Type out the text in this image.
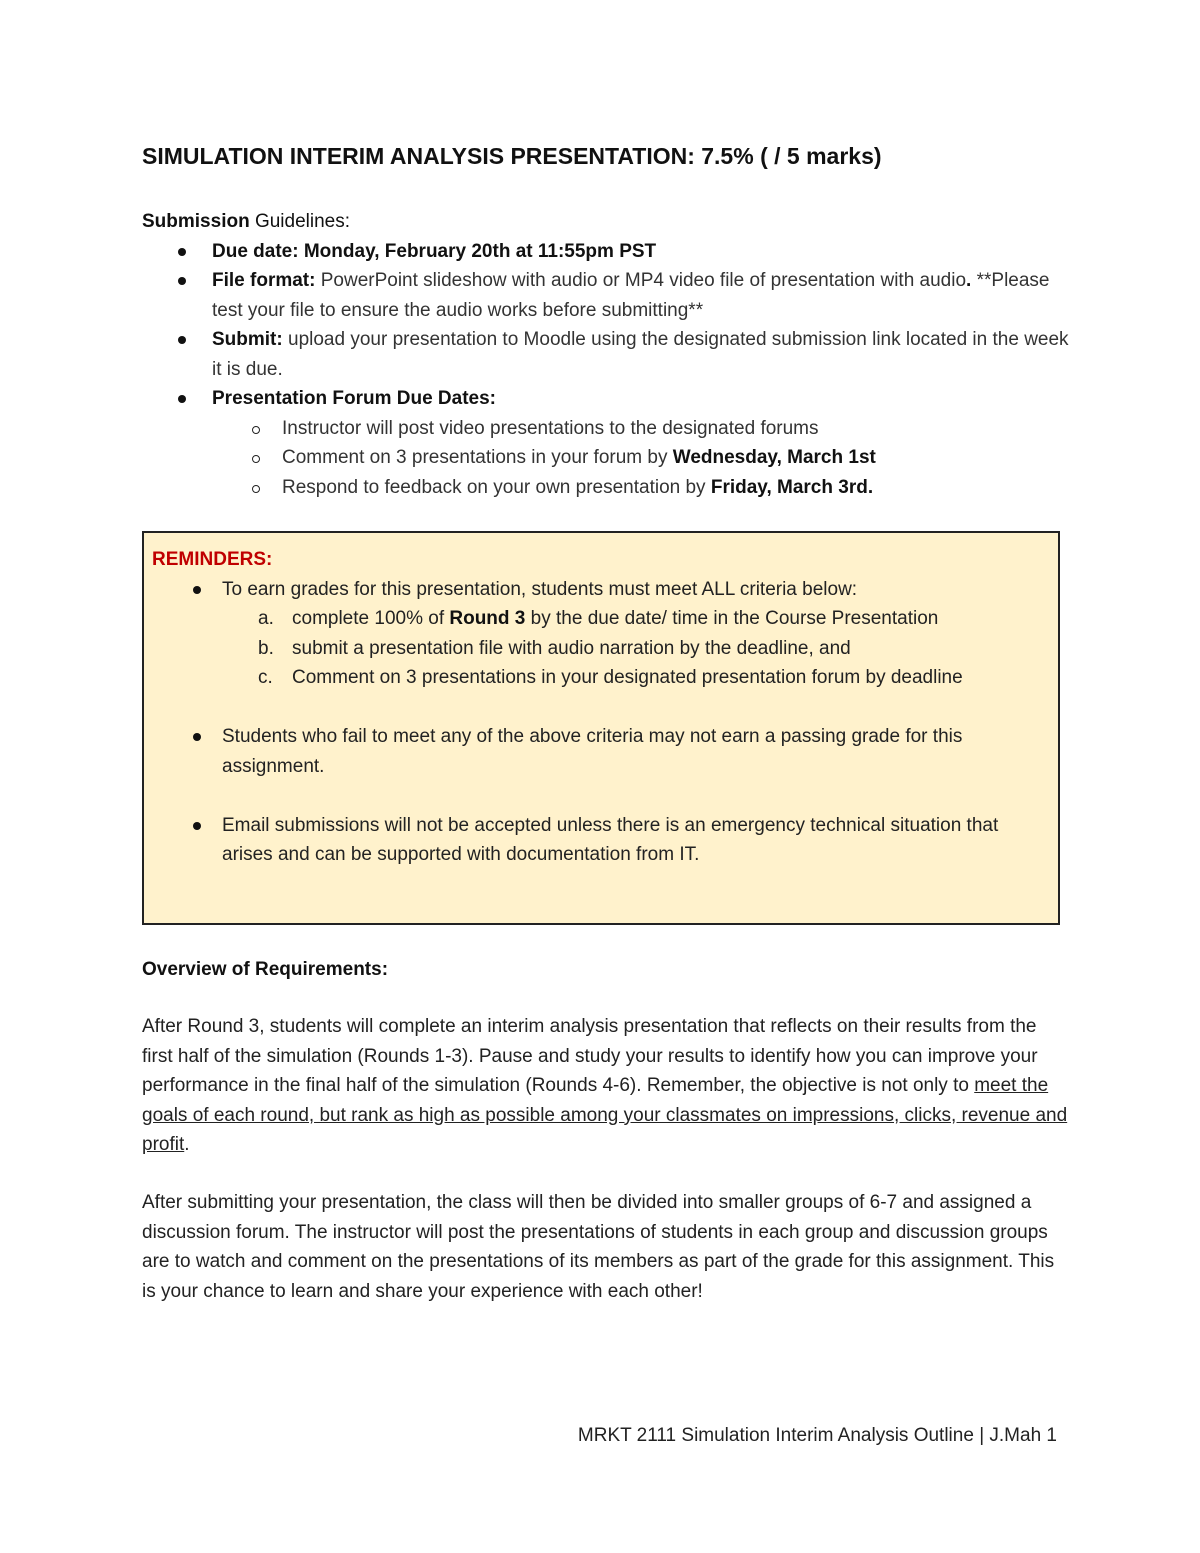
SIMULATION INTERIM ANALYSIS PRESENTATION: 7.5% ( / 5 marks)
Submission Guidelines:
Due date: Monday, February 20th at 11:55pm PST
File format: PowerPoint slideshow with audio or MP4 video file of presentation with audio. **Please test your file to ensure the audio works before submitting**
Submit: upload your presentation to Moodle using the designated submission link located in the week it is due.
Presentation Forum Due Dates:
Instructor will post video presentations to the designated forums
Comment on 3 presentations in your forum by Wednesday, March 1st
Respond to feedback on your own presentation by Friday, March 3rd.
REMINDERS:
To earn grades for this presentation, students must meet ALL criteria below:
a. complete 100% of Round 3 by the due date/ time in the Course Presentation
b. submit a presentation file with audio narration by the deadline, and
c. Comment on 3 presentations in your designated presentation forum by deadline
Students who fail to meet any of the above criteria may not earn a passing grade for this assignment.
Email submissions will not be accepted unless there is an emergency technical situation that arises and can be supported with documentation from IT.
Overview of Requirements:
After Round 3, students will complete an interim analysis presentation that reflects on their results from the first half of the simulation (Rounds 1-3). Pause and study your results to identify how you can improve your performance in the final half of the simulation (Rounds 4-6). Remember, the objective is not only to meet the goals of each round, but rank as high as possible among your classmates on impressions, clicks, revenue and profit.
After submitting your presentation, the class will then be divided into smaller groups of 6-7 and assigned a discussion forum. The instructor will post the presentations of students in each group and discussion groups are to watch and comment on the presentations of its members as part of the grade for this assignment. This is your chance to learn and share your experience with each other!
MRKT 2111 Simulation Interim Analysis Outline | J.Mah 1
